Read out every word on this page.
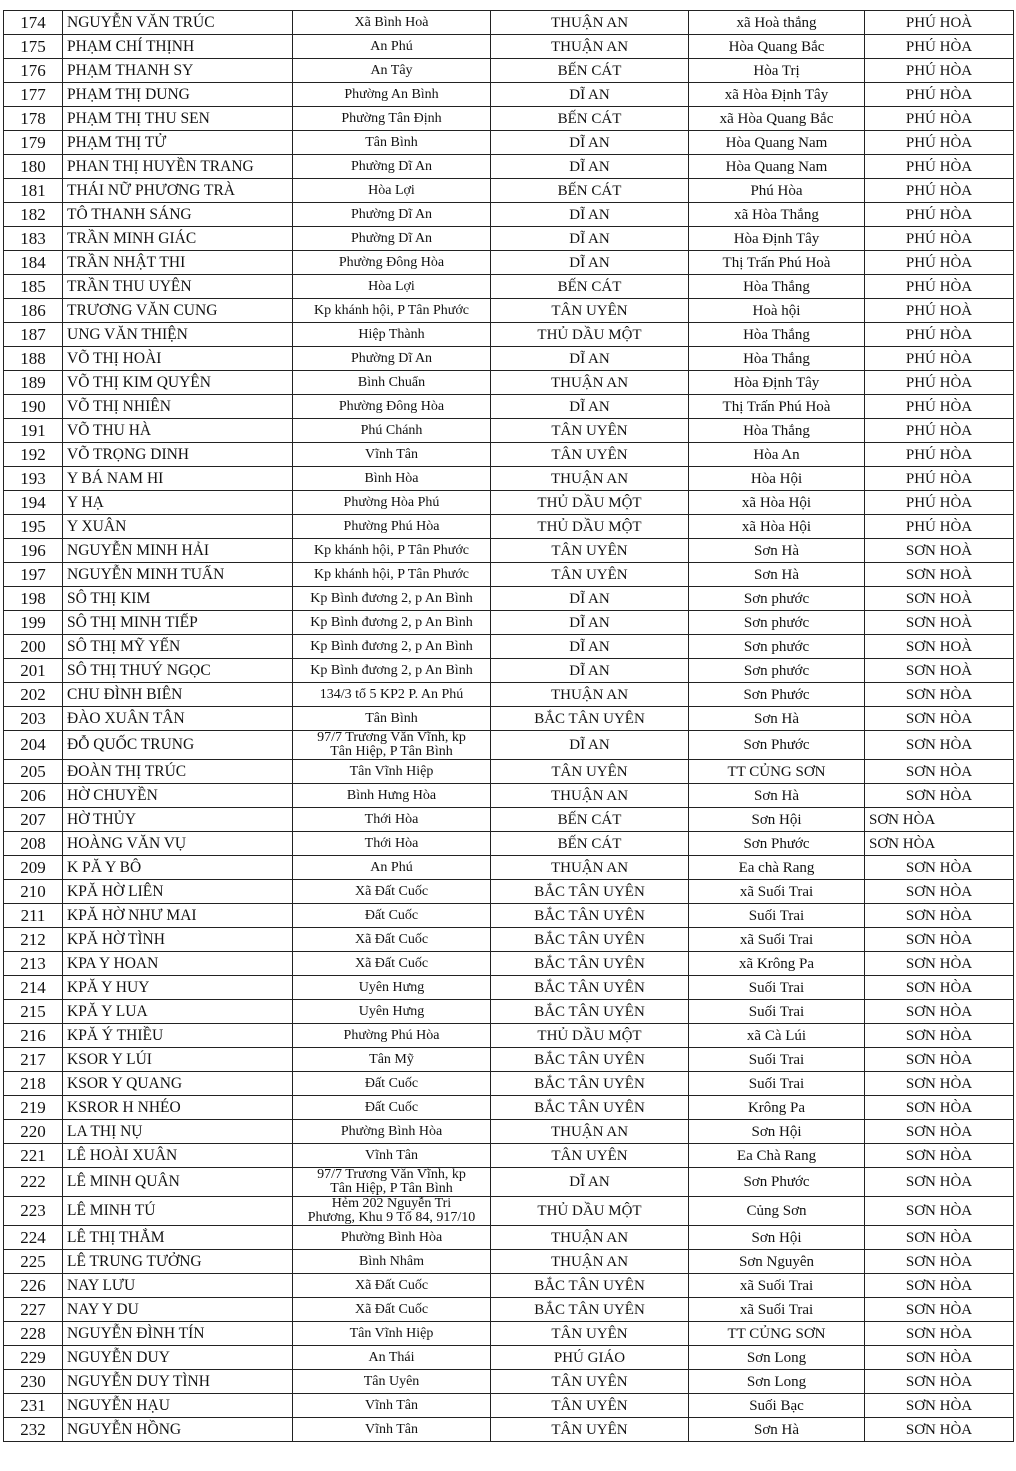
174	NGUYỄN VĂN TRÚC	Xã Bình Hoà	THUẬN AN	xã Hoà thắng	PHÚ HOÀ
175	PHẠM CHÍ THỊNH	An Phú	THUẬN AN	Hòa Quang Bắc	PHÚ HÒA
176	PHẠM THANH SY	An Tây	BẾN CÁT	Hòa Trị	PHÚ HÒA
177	PHẠM THỊ DUNG	Phường An Bình	DĨ AN	xã Hòa Định Tây	PHÚ HÒA
178	PHẠM THỊ THU SEN	Phường Tân Định	BẾN CÁT	xã Hòa Quang Bắc	PHÚ HÒA
179	PHẠM THỊ TỬ	Tân Bình	DĨ AN	Hòa Quang Nam	PHÚ HÒA
180	PHAN THỊ HUYỀN TRANG	Phường Dĩ An	DĨ AN	Hòa Quang Nam	PHÚ HÒA
181	THÁI NỮ PHƯƠNG TRÀ	Hòa Lợi	BẾN CÁT	Phú Hòa	PHÚ HÒA
182	TÔ THANH SÁNG	Phường Dĩ An	DĨ AN	xã Hòa Thắng	PHÚ HÒA
183	TRẦN MINH GIÁC	Phường Dĩ An	DĨ AN	Hòa Định Tây	PHÚ HÒA
184	TRẦN NHẬT THI	Phường Đông Hòa	DĨ AN	Thị Trấn Phú Hoà	PHÚ HÒA
185	TRẦN THU UYÊN	Hòa Lợi	BẾN CÁT	Hòa Thắng	PHÚ HÒA
186	TRƯƠNG VĂN CUNG	Kp khánh hội, P Tân Phước	TÂN UYÊN	Hoà hội	PHÚ HOÀ
187	UNG VĂN THIỆN	Hiệp Thành	THỦ DẦU MỘT	Hòa Thắng	PHÚ HÒA
188	VÕ THỊ HOÀI	Phường Dĩ An	DĨ AN	Hòa Thắng	PHÚ HÒA
189	VÕ THỊ KIM QUYÊN	Bình Chuẩn	THUẬN AN	Hòa Định Tây	PHÚ HÒA
190	VÕ THỊ NHIÊN	Phường Đông Hòa	DĨ AN	Thị Trấn Phú Hoà	PHÚ HÒA
191	VÕ THU HÀ	Phú Chánh	TÂN UYÊN	Hòa Thắng	PHÚ HÒA
192	VÕ TRỌNG DINH	Vĩnh Tân	TÂN UYÊN	Hòa An	PHÚ HÒA
193	Y BÁ NAM HI	Bình Hòa	THUẬN AN	Hòa Hội	PHÚ HÒA
194	Y HẠ	Phường Hòa Phú	THỦ DẦU MỘT	xã Hòa Hội	PHÚ HÒA
195	Y XUÂN	Phường Phú Hòa	THỦ DẦU MỘT	xã Hòa Hội	PHÚ HÒA
196	NGUYỄN MINH HẢI	Kp khánh hội, P Tân Phước	TÂN UYÊN	Sơn Hà	SƠN HOÀ
197	NGUYỄN MINH TUẤN	Kp khánh hội, P Tân Phước	TÂN UYÊN	Sơn Hà	SƠN HOÀ
198	SÔ THỊ KIM	Kp Bình đương 2, p An Bình	DĨ AN	Sơn phước	SƠN HOÀ
199	SÔ THỊ MINH TIẾP	Kp Bình đương 2, p An Bình	DĨ AN	Sơn phước	SƠN HOÀ
200	SÔ THỊ MỸ YẾN	Kp Bình đương 2, p An Bình	DĨ AN	Sơn phước	SƠN HOÀ
201	SÔ THỊ THUÝ NGỌC	Kp Bình đương 2, p An Bình	DĨ AN	Sơn phước	SƠN HOÀ
202	CHU ĐÌNH BIÊN	134/3 tổ 5 KP2 P. An Phú	THUẬN AN	Sơn Phước	SƠN HÒA
203	ĐÀO XUÂN TÂN	Tân Bình	BẮC TÂN UYÊN	Sơn Hà	SƠN HÒA
204	ĐỖ QUỐC TRUNG	97/7 Trương Văn Vĩnh, kp
Tân Hiệp, P Tân Bình	DĨ AN	Sơn Phước	SƠN HÒA
205	ĐOÀN THỊ TRÚC	Tân Vĩnh Hiệp	TÂN UYÊN	TT CỦNG SƠN	SƠN HÒA
206	HỜ CHUYỀN	Bình Hưng Hòa	THUẬN AN	Sơn Hà	SƠN HÒA
207	HỜ THỦY	Thới Hòa	BẾN CÁT	Sơn Hội	SƠN HÒA
208	HOÀNG VĂN VỤ	Thới Hòa	BẾN CÁT	Sơn Phước	SƠN HÒA
209	K PĂ Y BÔ	An Phú	THUẬN AN	Ea chà Rang	SƠN HÒA
210	KPĂ HỜ LIÊN	Xã Đất Cuốc	BẮC TÂN UYÊN	xã Suối Trai	SƠN HÒA
211	KPĂ HỜ NHƯ MAI	Đất Cuốc	BẮC TÂN UYÊN	Suối Trai	SƠN HÒA
212	KPĂ HỜ TÌNH	Xã Đất Cuốc	BẮC TÂN UYÊN	xã Suối Trai	SƠN HÒA
213	KPA Y HOAN	Xã Đất Cuốc	BẮC TÂN UYÊN	xã Krông Pa	SƠN HÒA
214	KPĂ Y HUY	Uyên Hưng	BẮC TÂN UYÊN	Suối Trai	SƠN HÒA
215	KPĂ Y LUA	Uyên Hưng	BẮC TÂN UYÊN	Suối Trai	SƠN HÒA
216	KPĂ Ý THIỀU	Phường Phú Hòa	THỦ DẦU MỘT	xã Cà Lúi	SƠN HÒA
217	KSOR Y LÚI	Tân Mỹ	BẮC TÂN UYÊN	Suối Trai	SƠN HÒA
218	KSOR Y QUANG	Đất Cuốc	BẮC TÂN UYÊN	Suối Trai	SƠN HÒA
219	KSROR H NHÉO	Đất Cuốc	BẮC TÂN UYÊN	Krông Pa	SƠN HÒA
220	LA THỊ NỤ	Phường Bình Hòa	THUẬN AN	Sơn Hội	SƠN HÒA
221	LÊ HOÀI XUÂN	Vĩnh Tân	TÂN UYÊN	Ea Chà Rang	SƠN HÒA
222	LÊ MINH QUÂN	97/7 Trương Văn Vĩnh, kp
Tân Hiệp, P Tân Bình	DĨ AN	Sơn Phước	SƠN HÒA
223	LÊ MINH TÚ	Hẻm 202 Nguyễn Tri
Phương, Khu 9 Tổ 84, 917/10	THỦ DẦU MỘT	Củng Sơn	SƠN HÒA
224	LÊ THỊ THẮM	Phường Bình Hòa	THUẬN AN	Sơn Hội	SƠN HÒA
225	LÊ TRUNG TƯỞNG	Bình Nhâm	THUẬN AN	Sơn Nguyên	SƠN HÒA
226	NAY LƯU	Xã Đất Cuốc	BẮC TÂN UYÊN	xã Suối Trai	SƠN HÒA
227	NAY Y DU	Xã Đất Cuốc	BẮC TÂN UYÊN	xã Suối Trai	SƠN HÒA
228	NGUYỄN ĐÌNH TÍN	Tân Vĩnh Hiệp	TÂN UYÊN	TT CỦNG SƠN	SƠN HÒA
229	NGUYỄN DUY	An Thái	PHÚ GIÁO	Sơn Long	SƠN HÒA
230	NGUYỄN DUY TÌNH	Tân Uyên	TÂN UYÊN	Sơn Long	SƠN HÒA
231	NGUYỄN HẠU	Vĩnh Tân	TÂN UYÊN	Suối Bạc	SƠN HÒA
232	NGUYỄN HỒNG	Vĩnh Tân	TÂN UYÊN	Sơn Hà	SƠN HÒA
